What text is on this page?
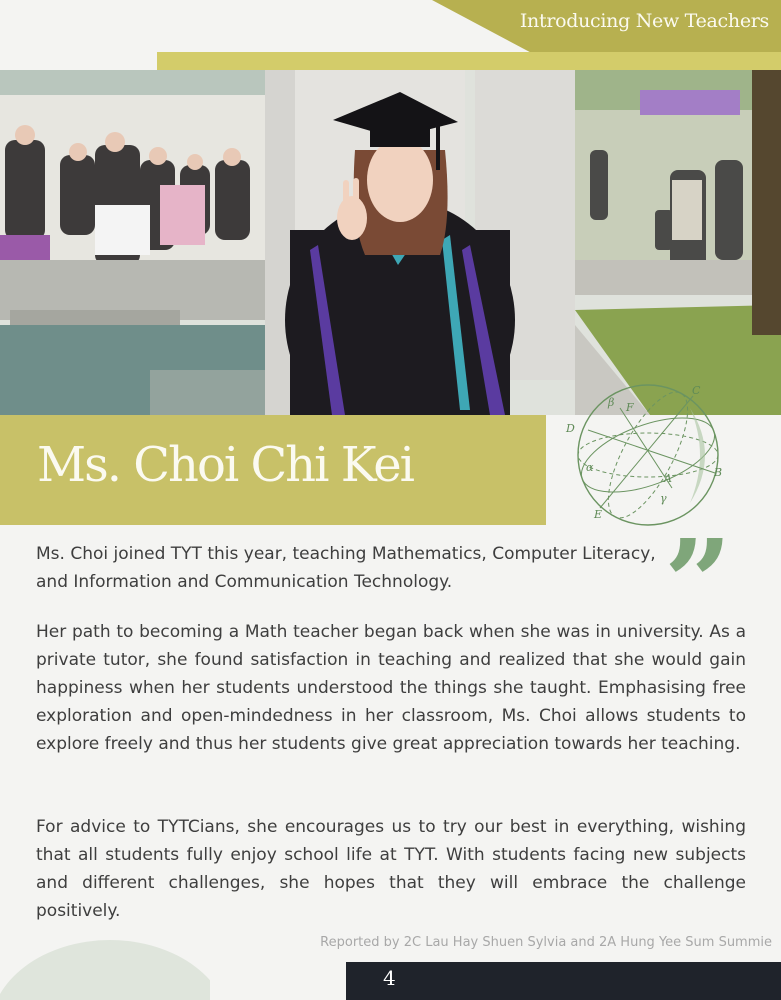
Introducing New Teachers
Ms. Choi Chi Kei
C
β F
D
α
A	B
γ
E ”

Ms. Choi joined TYT this year, teaching Mathematics, Computer Literacy, and Information and Communication Technology.

Her path to becoming a Math teacher began back when she was in university. As a private tutor, she found satisfaction in teaching and realized that she would gain happiness when her students understood the things she taught. Emphasising free exploration and open-mindedness in her classroom, Ms. Choi allows students to explore freely and thus her students give great appreciation towards her teaching.

For advice to TYTCians, she encourages us to try our best in everything, wishing that all students fully enjoy school life at TYT. With students facing new subjects and different challenges, she hopes that they will embrace the challenge positively.

Reported by 2C Lau Hay Shuen Sylvia and 2A Hung Yee Sum Summie
4
